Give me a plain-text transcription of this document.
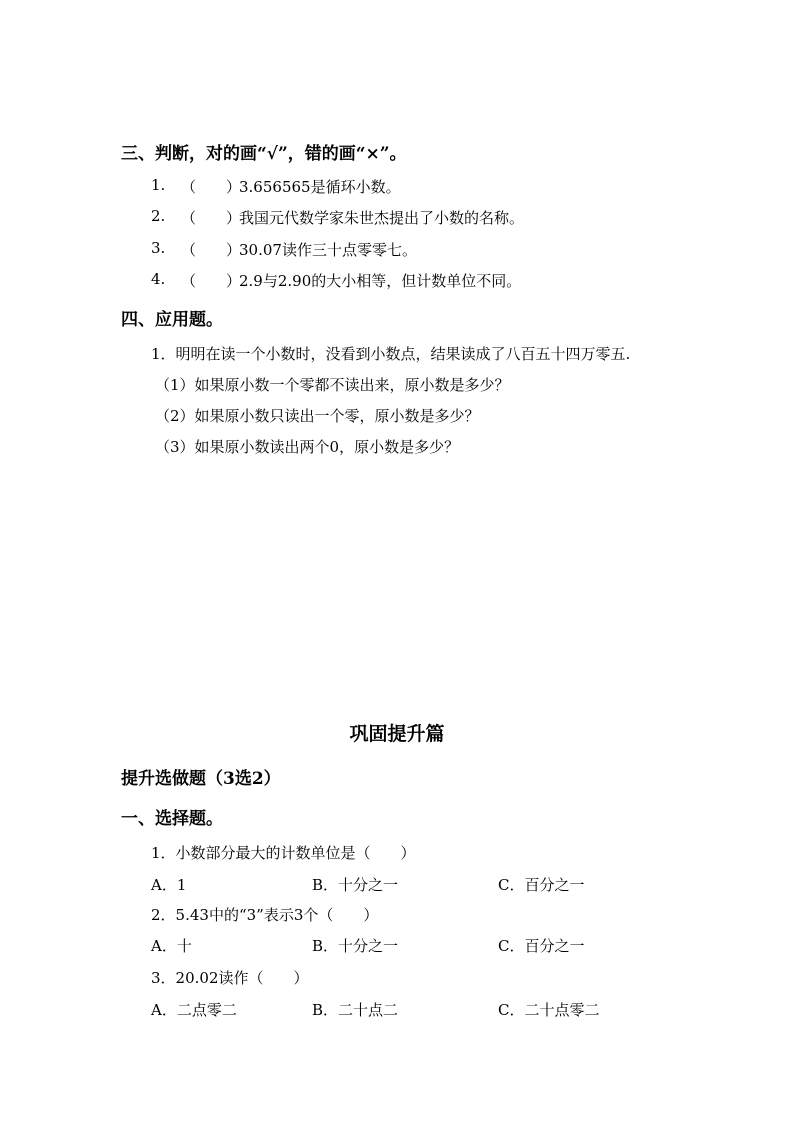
三、判断，对的画“√”，错的画“×”。
1. （　　）
3.656565是循环小数。
2. （　　）
我国元代数学家朱世杰提出了小数的名称。
3. （　　）
30.07读作三十点零零七。
4. （　　）
2.9与2.90的大小相等，但计数单位不同。
四、应用题。
1．明明在读一个小数时，没看到小数点，结果读成了八百五十四万零五.
（1）如果原小数一个零都不读出来，原小数是多少？
（2）如果原小数只读出一个零，原小数是多少？
（3）如果原小数读出两个0，原小数是多少？
巩固提升篇
提升选做题（3选2）
一、选择题。
1．小数部分最大的计数单位是（　　）
A．1	B．十分之一	C．百分之一
2．5.43中的“3”表示3个（　　）
A．十	B．十分之一	C．百分之一
3．20.02读作（　　）
A．二点零二	B．二十点二	C．二十点零二
